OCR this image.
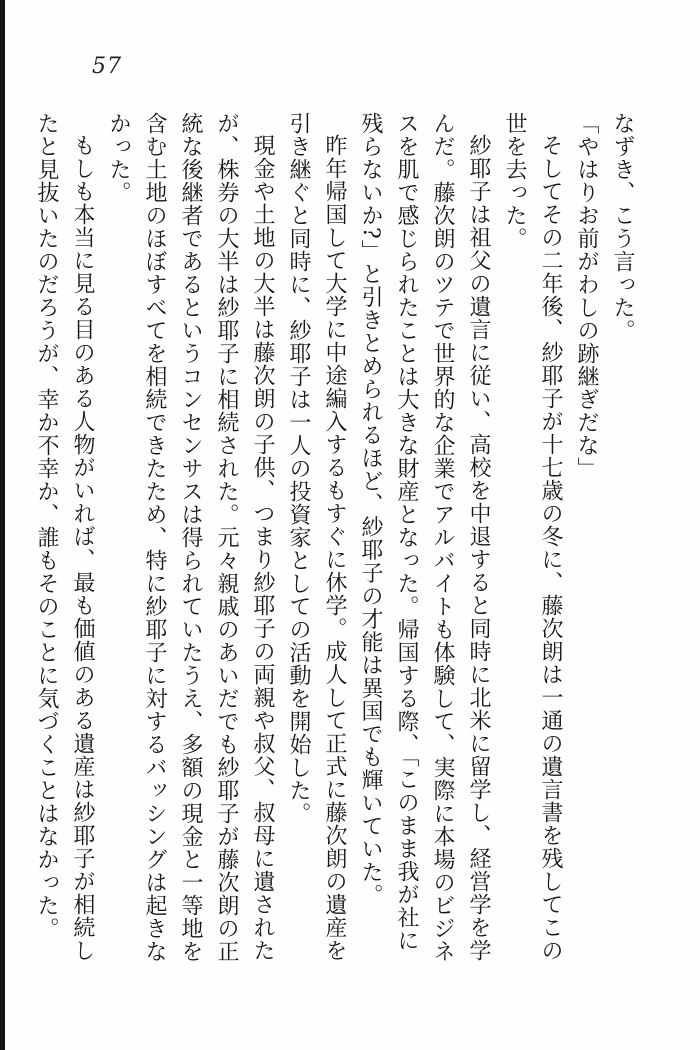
57

なずき、こう言った。

「やはりお前がわしの跡継ぎだな」

そしてその二年後、紗耶子が十七歳の冬に、藤次朗は一通の遺言書を残してこの世を去った。

紗耶子は祖父の遺言に従い、高校を中退すると同時に北米に留学し、経営学を学んだ。藤次朗のツテで世界的な企業でアルバイトも体験して、実際に本場のビジネスを肌で感じられたことは大きな財産となった。帰国する際、「このまま我が社に残らないか?」と引きとめられるほど、紗耶子の才能は異国でも輝いていた。

昨年帰国して大学に中途編入するもすぐに休学。成人して正式に藤次朗の遺産を引き継ぐと同時に、紗耶子は一人の投資家としての活動を開始した。

現金や土地の大半は藤次朗の子供、つまり紗耶子の両親や叔父、叔母に遺されたが、株券の大半は紗耶子に相続された。元々親戚のあいだでも紗耶子が藤次朗の正統な後継者であるというコンセンサスは得られていたうえ、多額の現金と一等地を含む土地のほぼすべてを相続できたため、特に紗耶子に対するバッシングは起きなかった。

もしも本当に見る目のある人物がいれば、最も価値のある遺産は紗耶子が相続したと見抜いたのだろうが、幸か不幸か、誰もそのことに気づくことはなかった。
